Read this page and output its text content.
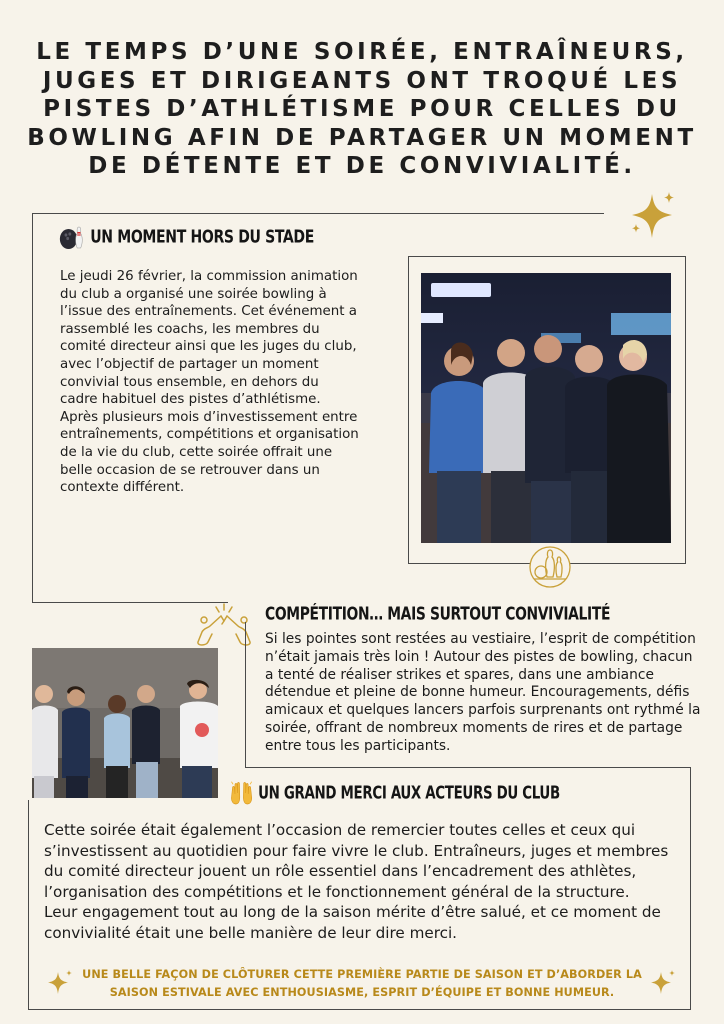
LE TEMPS D’UNE SOIRÉE, ENTRAÎNEURS, JUGES ET DIRIGEANTS ONT TROQUÉ LES PISTES D’ATHLÉTISME POUR CELLES DU BOWLING AFIN DE PARTAGER UN MOMENT DE DÉTENTE ET DE CONVIVIALITÉ.
UN MOMENT HORS DU STADE

Le jeudi 26 février, la commission animation du club a organisé une soirée bowling à l’issue des entraînements. Cet événement a rassemblé les coachs, les membres du comité directeur ainsi que les juges du club, avec l’objectif de partager un moment convivial tous ensemble, en dehors du cadre habituel des pistes d’athlétisme. Après plusieurs mois d’investissement entre entraînements, compétitions et organisation de la vie du club, cette soirée offrait une belle occasion de se retrouver dans un contexte différent.

COMPÉTITION… MAIS SURTOUT CONVIVIALITÉ

Si les pointes sont restées au vestiaire, l’esprit de compétition n’était jamais très loin ! Autour des pistes de bowling, chacun a tenté de réaliser strikes et spares, dans une ambiance détendue et pleine de bonne humeur. Encouragements, défis amicaux et quelques lancers parfois surprenants ont rythmé la soirée, offrant de nombreux moments de rires et de partage entre tous les participants.

UN GRAND MERCI AUX ACTEURS DU CLUB

Cette soirée était également l’occasion de remercier toutes celles et ceux qui s’investissent au quotidien pour faire vivre le club. Entraîneurs, juges et membres du comité directeur jouent un rôle essentiel dans l’encadrement des athlètes, l’organisation des compétitions et le fonctionnement général de la structure.

Leur engagement tout au long de la saison mérite d’être salué, et ce moment de convivialité était une belle manière de leur dire merci.

UNE BELLE FAÇON DE CLÔTURER CETTE PREMIÈRE PARTIE DE SAISON ET D’ABORDER LA SAISON ESTIVALE AVEC ENTHOUSIASME, ESPRIT D’ÉQUIPE ET BONNE HUMEUR.
